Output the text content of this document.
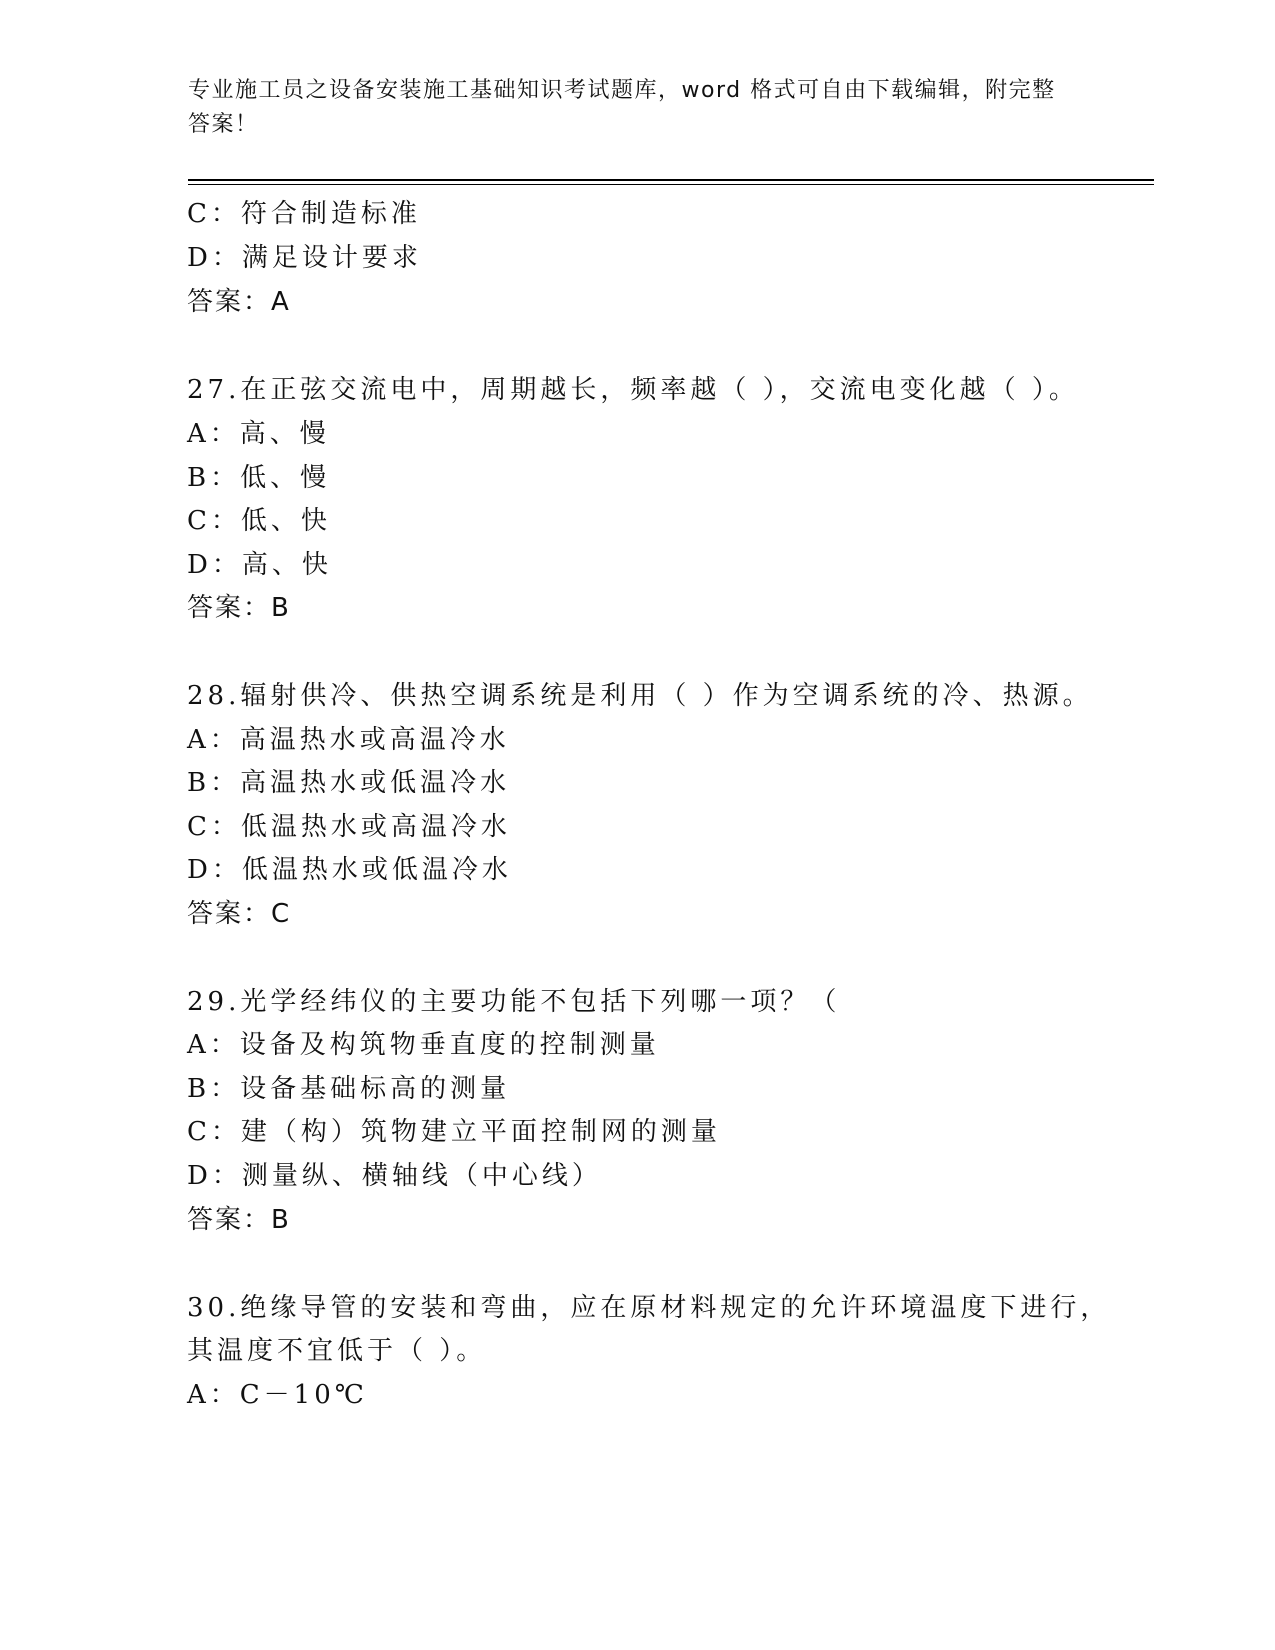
专业施工员之设备安装施工基础知识考试题库，word 格式可自由下载编辑，附完整答案！
C：符合制造标准
D：满足设计要求
答案：A
27.在正弦交流电中，周期越长，频率越（ ），交流电变化越（ ）。
A：高、慢
B：低、慢
C：低、快
D：高、快
答案：B
28.辐射供冷、供热空调系统是利用（ ）作为空调系统的冷、热源。
A：高温热水或高温冷水
B：高温热水或低温冷水
C：低温热水或高温冷水
D：低温热水或低温冷水
答案：C
29.光学经纬仪的主要功能不包括下列哪一项？（
A：设备及构筑物垂直度的控制测量
B：设备基础标高的测量
C：建（构）筑物建立平面控制网的测量
D：测量纵、横轴线（中心线）
答案：B
30.绝缘导管的安装和弯曲，应在原材料规定的允许环境温度下进行，
其温度不宜低于（ ）。
A：C－10℃
